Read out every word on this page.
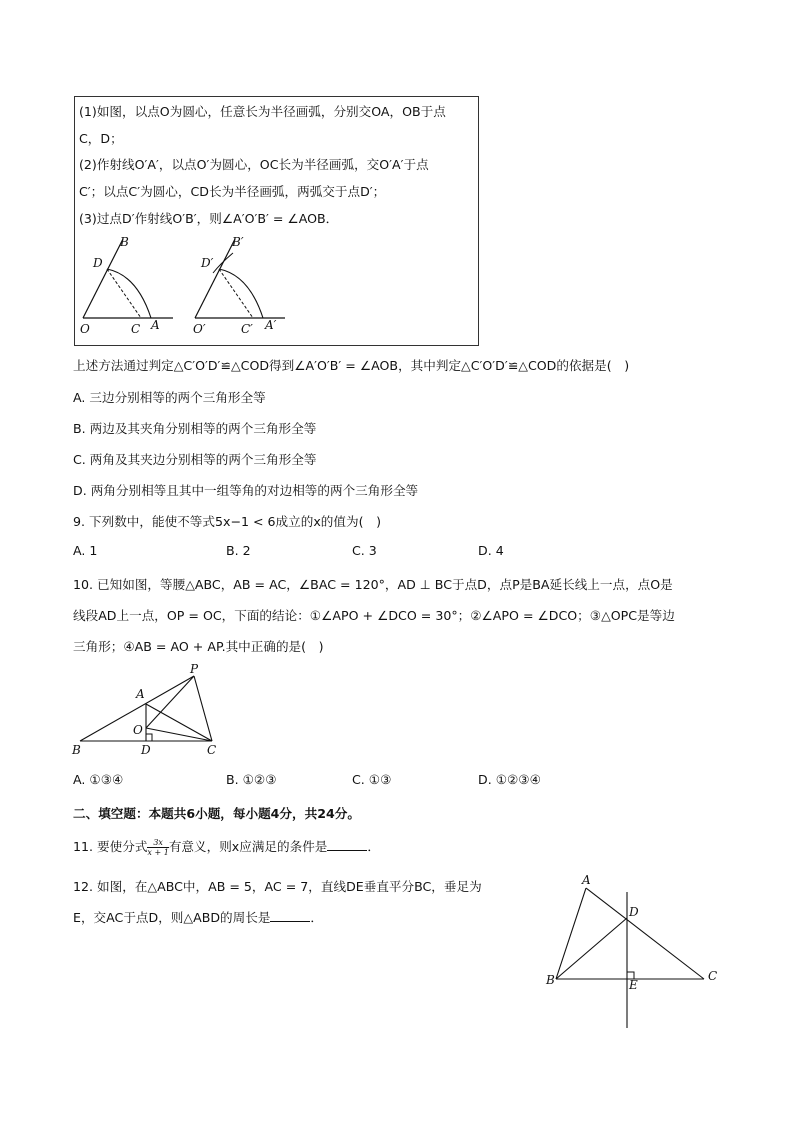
(1)如图，以点O为圆心，任意长为半径画弧，分别交OA，OB于点
C，D；
(2)作射线O′A′，以点O′为圆心，OC长为半径画弧，交O′A′于点
C′；以点C′为圆心，CD长为半径画弧，两弧交于点D′；
(3)过点D′作射线O′B′，则∠A′O′B′ = ∠AOB．
B
D
O	C A
B′
D′
O′	C′ A′
上述方法通过判定△C′O′D′≌△COD得到∠A′O′B′ = ∠AOB，其中判定△C′O′D′≌△COD的依据是(　)
A. 三边分别相等的两个三角形全等
B. 两边及其夹角分别相等的两个三角形全等
C. 两角及其夹边分别相等的两个三角形全等
D. 两角分别相等且其中一组等角的对边相等的两个三角形全等
9. 下列数中，能使不等式5x−1 < 6成立的x的值为(　)
A. 1	B. 2	C. 3	D. 4
10. 已知如图，等腰△ABC，AB = AC，∠BAC = 120°，AD ⊥ BC于点D，点P是BA延长线上一点，点O是
线段AD上一点，OP = OC，下面的结论：①∠APO + ∠DCO = 30°；②∠APO = ∠DCO；③△OPC是等边
三角形；④AB = AO + AP.其中正确的是(　)
P
A
O
B	D	C
A. ①③④	B. ①②③	C. ①③	D. ①②③④
二、填空题：本题共6小题，每小题4分，共24分。
11. 要使分式 $\frac{3x}{x + 1}$ 有意义，则x应满足的条件是	．
12. 如图，在△ABC中，AB = 5，AC = 7，直线DE垂直平分BC，垂足为
E，交AC于点D，则△ABD的周长是	．
A
D
B	E
C
